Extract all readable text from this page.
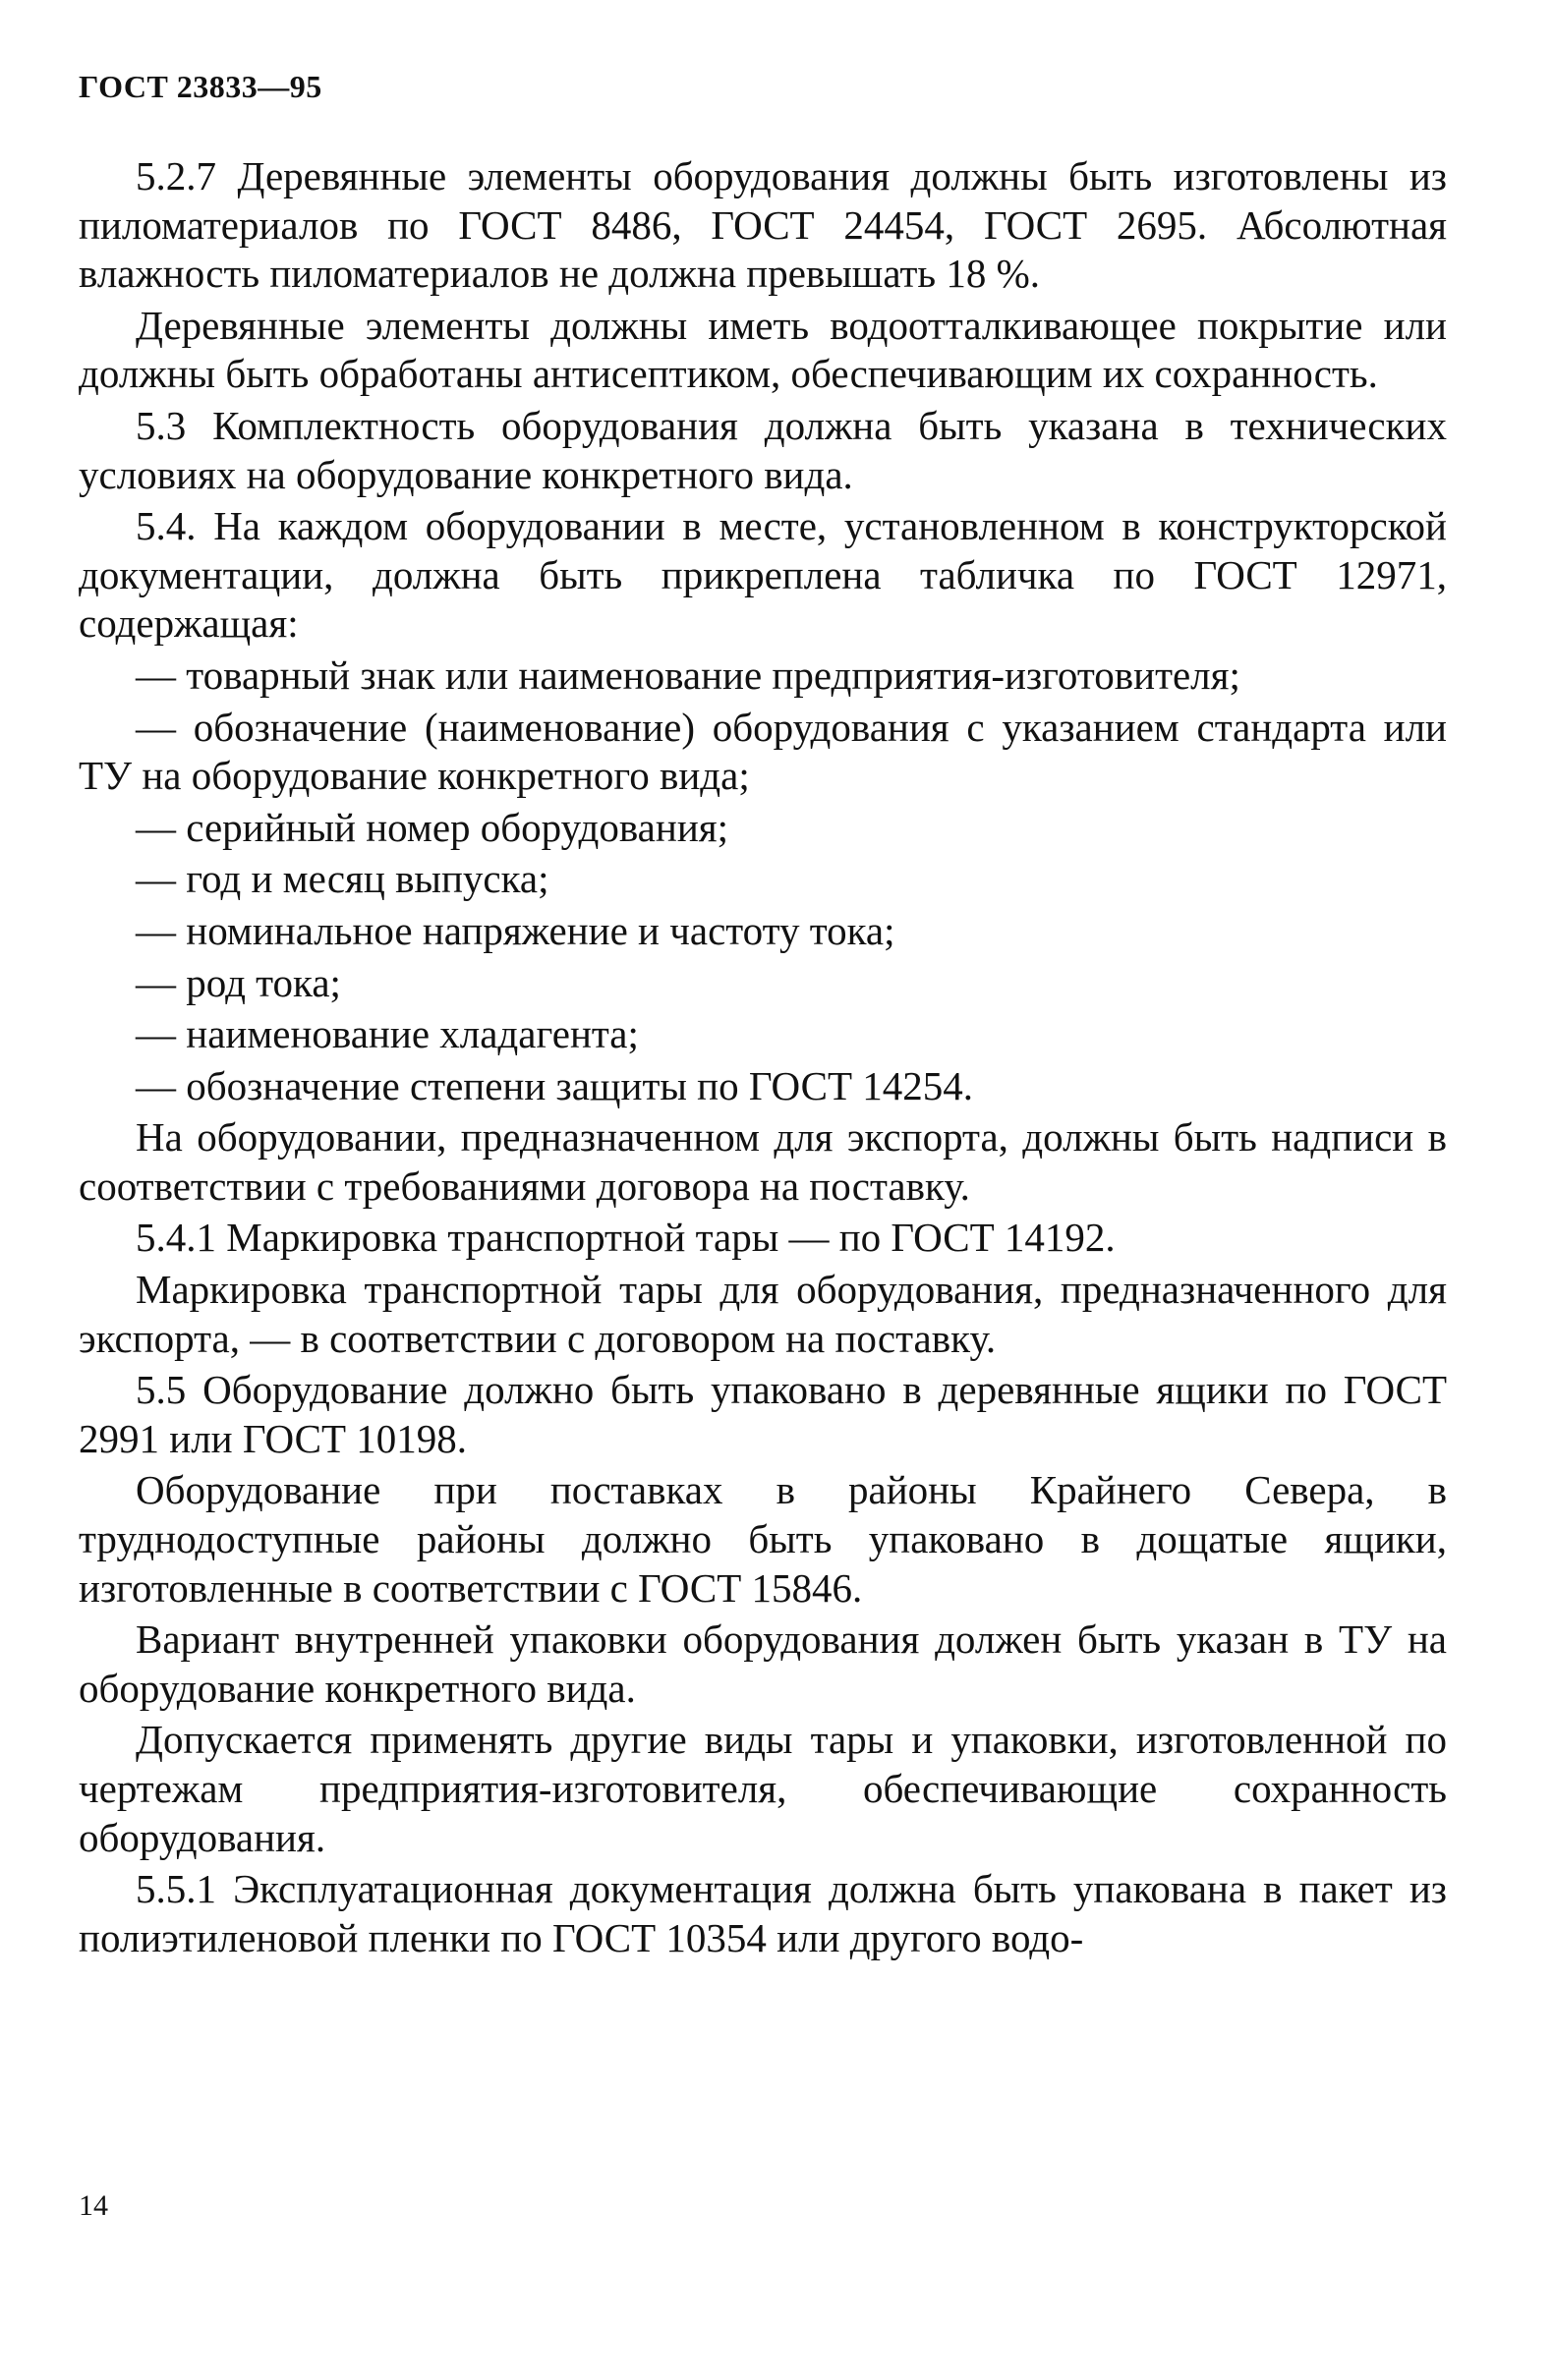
ГОСТ 23833—95

5.2.7 Деревянные элементы оборудования должны быть изготовлены из пиломатериалов по ГОСТ 8486, ГОСТ 24454, ГОСТ 2695. Абсолютная влажность пиломатериалов не должна превышать 18 %.

Деревянные элементы должны иметь водоотталкивающее покрытие или должны быть обработаны антисептиком, обеспечивающим их сохранность.

5.3 Комплектность оборудования должна быть указана в технических условиях на оборудование конкретного вида.

5.4. На каждом оборудовании в месте, установленном в конструкторской документации, должна быть прикреплена табличка по ГОСТ 12971, содержащая:

— товарный знак или наименование предприятия-изготовителя;

— обозначение (наименование) оборудования с указанием стандарта или ТУ на оборудование конкретного вида;

— серийный номер оборудования;

— год и месяц выпуска;

— номинальное напряжение и частоту тока;

— род тока;

— наименование хладагента;

— обозначение степени защиты по ГОСТ 14254.

На оборудовании, предназначенном для экспорта, должны быть надписи в соответствии с требованиями договора на поставку.

5.4.1 Маркировка транспортной тары — по ГОСТ 14192.

Маркировка транспортной тары для оборудования, предназначенного для экспорта, — в соответствии с договором на поставку.

5.5 Оборудование должно быть упаковано в деревянные ящики по ГОСТ 2991 или ГОСТ 10198.

Оборудование при поставках в районы Крайнего Севера, в труднодоступные районы должно быть упаковано в дощатые ящики, изготовленные в соответствии с ГОСТ 15846.

Вариант внутренней упаковки оборудования должен быть указан в ТУ на оборудование конкретного вида.

Допускается применять другие виды тары и упаковки, изготовленной по чертежам предприятия-изготовителя, обеспечивающие сохранность оборудования.

5.5.1 Эксплуатационная документация должна быть упакована в пакет из полиэтиленовой пленки по ГОСТ 10354 или другого водо-

14
